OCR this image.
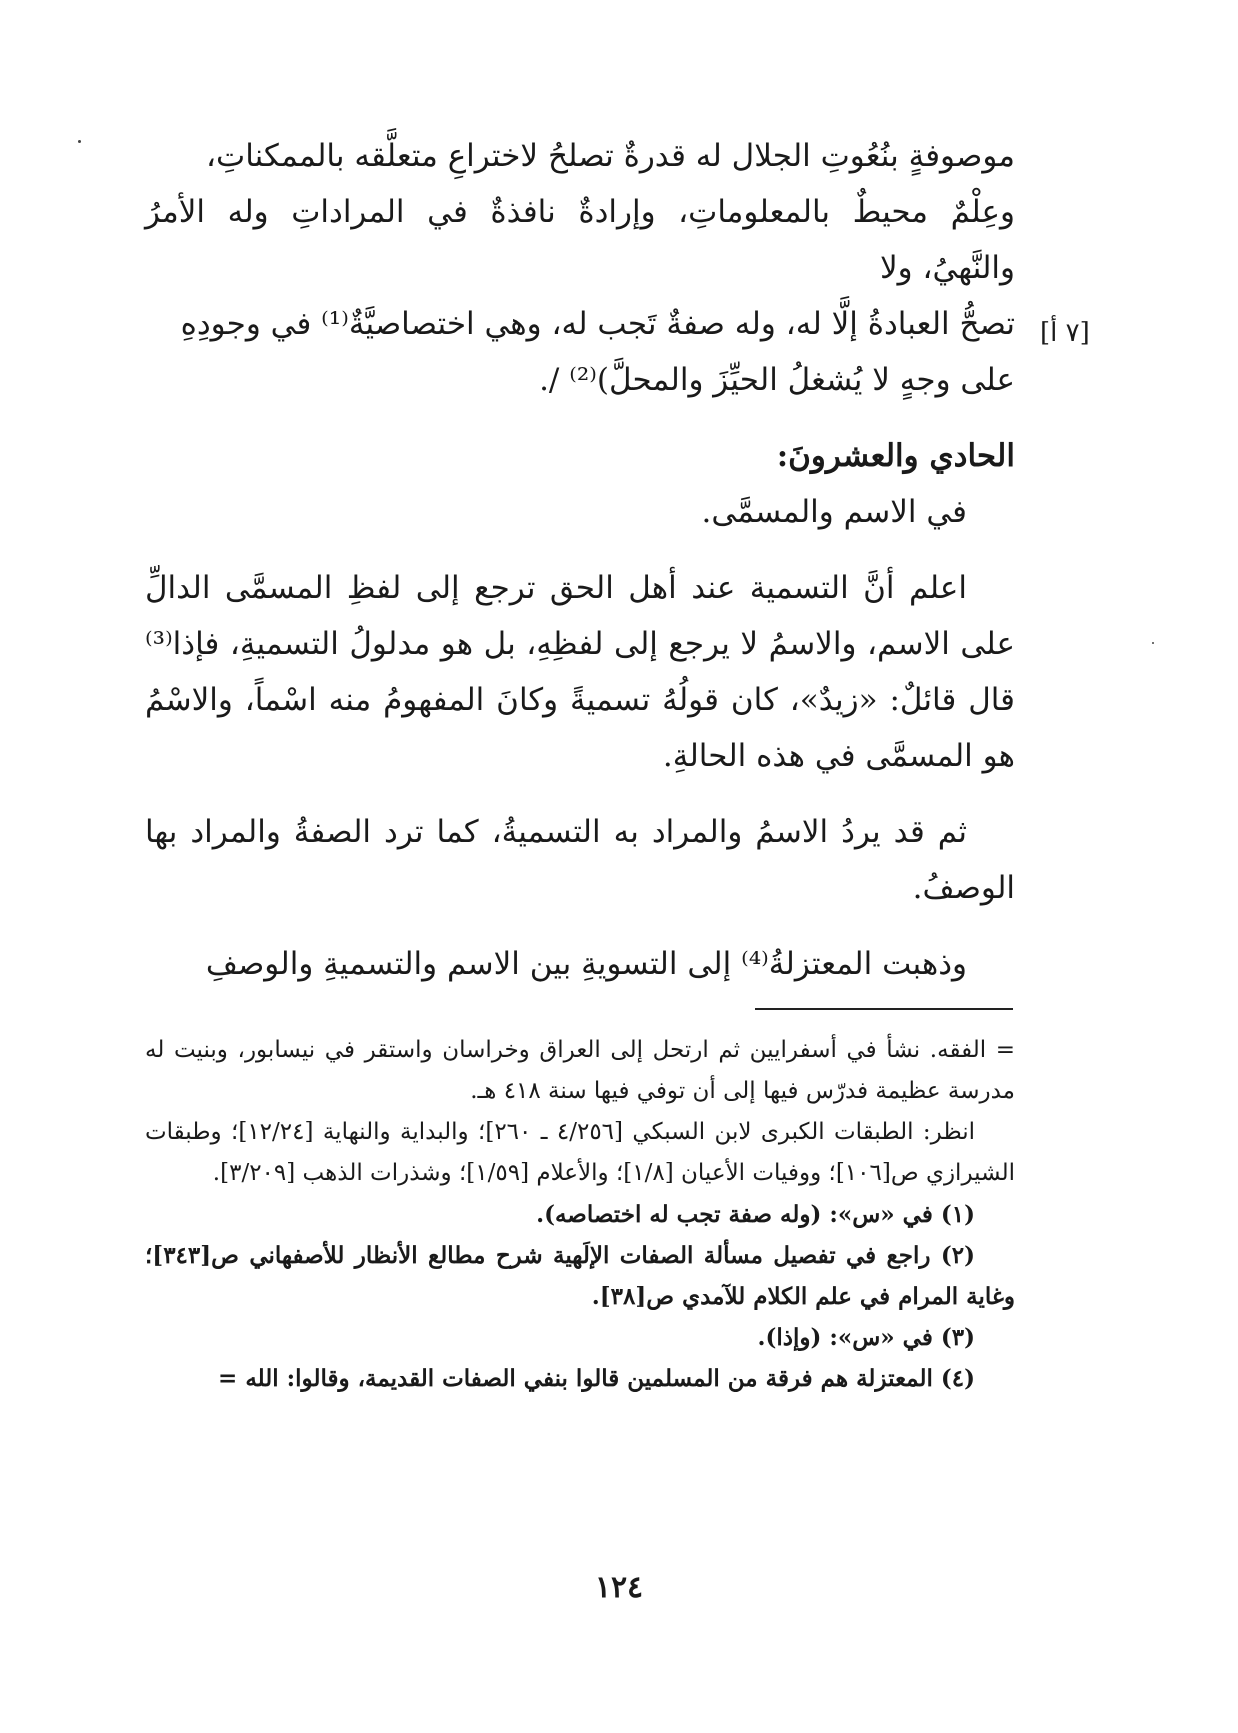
[٧ أ]

موصوفةٍ بنُعُوتِ الجلال له قدرةٌ تصلحُ لاختراعِ متعلَّقه بالممكناتِ،

وعِلْمٌ محيطٌ بالمعلوماتِ، وإرادةٌ نافذةٌ في المراداتِ وله الأمرُ والنَّهيُ، ولا

تصحُّ العبادةُ إلَّا له، وله صفةٌ تَجب له، وهي اختصاصيَّةٌ⁽¹⁾ في وجودِهِ

على وجهٍ لا يُشغلُ الحيِّزَ والمحلَّ)⁽²⁾ /.

الحادي والعشرونَ:

في الاسم والمسمَّى.

اعلم أنَّ التسمية عند أهل الحق ترجع إلى لفظِ المسمَّى الدالِّ على الاسم، والاسمُ لا يرجع إلى لفظِهِ، بل هو مدلولُ التسميةِ، فإذا⁽³⁾ قال قائلٌ: «زيدٌ»، كان قولُهُ تسميةً وكانَ المفهومُ منه اسْماً، والاسْمُ هو المسمَّى في هذه الحالةِ.

ثم قد يردُ الاسمُ والمراد به التسميةُ، كما ترد الصفةُ والمراد بها الوصفُ.

وذهبت المعتزلةُ⁽⁴⁾ إلى التسويةِ بين الاسم والتسميةِ والوصفِ

= الفقه. نشأ في أسفرايين ثم ارتحل إلى العراق وخراسان واستقر في نيسابور، وبنيت له مدرسة عظيمة فدرّس فيها إلى أن توفي فيها سنة ٤١٨ هـ.

انظر: الطبقات الكبرى لابن السبكي [٤/٢٥٦ ـ ٢٦٠]؛ والبداية والنهاية [١٢/٢٤]؛ وطبقات الشيرازي ص[١٠٦]؛ ووفيات الأعيان [١/٨]؛ والأعلام [١/٥٩]؛ وشذرات الذهب [٣/٢٠٩].

(١) في «س»: (وله صفة تجب له اختصاصه).

(٢) راجع في تفصيل مسألة الصفات الإلَهية شرح مطالع الأنظار للأصفهاني ص[٣٤٣]؛ وغاية المرام في علم الكلام للآمدي ص[٣٨].

(٣) في «س»: (وإذا).

(٤) المعتزلة هم فرقة من المسلمين قالوا بنفي الصفات القديمة، وقالوا: الله =

١٢٤
